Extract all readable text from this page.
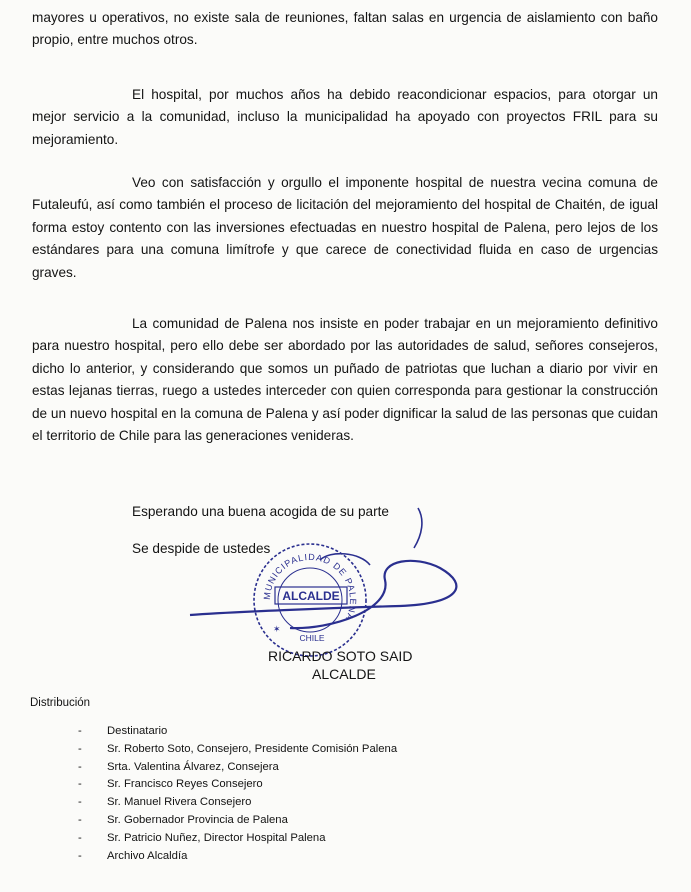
mayores u operativos, no existe sala de reuniones, faltan salas en urgencia de aislamiento con baño propio, entre muchos otros.

El hospital, por muchos años ha debido reacondicionar espacios, para otorgar un mejor servicio a la comunidad, incluso la municipalidad ha apoyado con proyectos FRIL para su mejoramiento.

Veo con satisfacción y orgullo el imponente hospital de nuestra vecina comuna de Futaleufú, así como también el proceso de licitación del mejoramiento del hospital de Chaitén, de igual forma estoy contento con las inversiones efectuadas en nuestro hospital de Palena, pero lejos de los estándares para una comuna limítrofe y que carece de conectividad fluida en caso de urgencias graves.

La comunidad de Palena nos insiste en poder trabajar en un mejoramiento definitivo para nuestro hospital, pero ello debe ser abordado por las autoridades de salud, señores consejeros, dicho lo anterior, y considerando que somos un puñado de patriotas que luchan a diario por vivir en estas lejanas tierras, ruego a ustedes interceder con quien corresponda para gestionar la construcción de un nuevo hospital en la comuna de Palena y así poder dignificar la salud de las personas que cuidan el territorio de Chile para las generaciones venideras.

Esperando una buena acogida de su parte
Se despide de ustedes
MUNICIPALIDAD DE PALENA
ALCALDE
CHILE
✶
RICARDO SOTO SAID
ALCALDE
Distribución
- Destinatario
- Sr. Roberto Soto, Consejero, Presidente Comisión Palena
- Srta. Valentina Álvarez, Consejera
- Sr. Francisco Reyes Consejero
- Sr. Manuel Rivera Consejero
- Sr. Gobernador Provincia de Palena
- Sr. Patricio Nuñez, Director Hospital Palena
- Archivo Alcaldía
